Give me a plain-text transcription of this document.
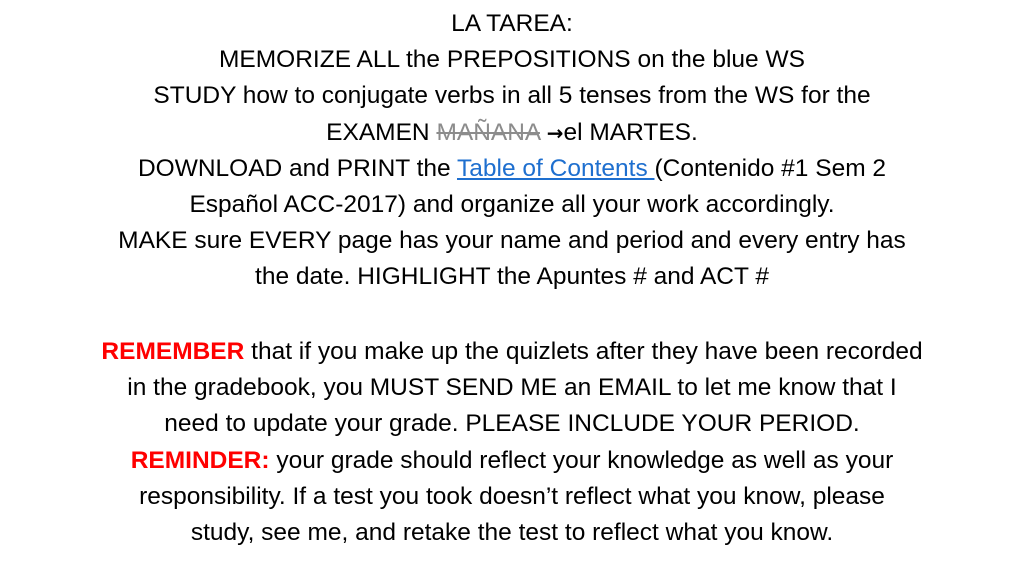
LA TAREA:
MEMORIZE ALL the PREPOSITIONS on the blue WS
STUDY how to conjugate verbs in all 5 tenses from the WS for the
EXAMEN MAÑANA →el MARTES.
DOWNLOAD and PRINT the Table of Contents (Contenido #1 Sem 2
Español ACC-2017) and organize all your work accordingly.
MAKE sure EVERY page has your name and period and every entry has
the date. HIGHLIGHT the Apuntes # and ACT #
REMEMBER that if you make up the quizlets after they have been recorded
in the gradebook, you MUST SEND ME an EMAIL to let me know that I
need to update your grade. PLEASE INCLUDE YOUR PERIOD.
REMINDER: your grade should reflect your knowledge as well as your
responsibility. If a test you took doesn’t reflect what you know, please
study, see me, and retake the test to reflect what you know.
